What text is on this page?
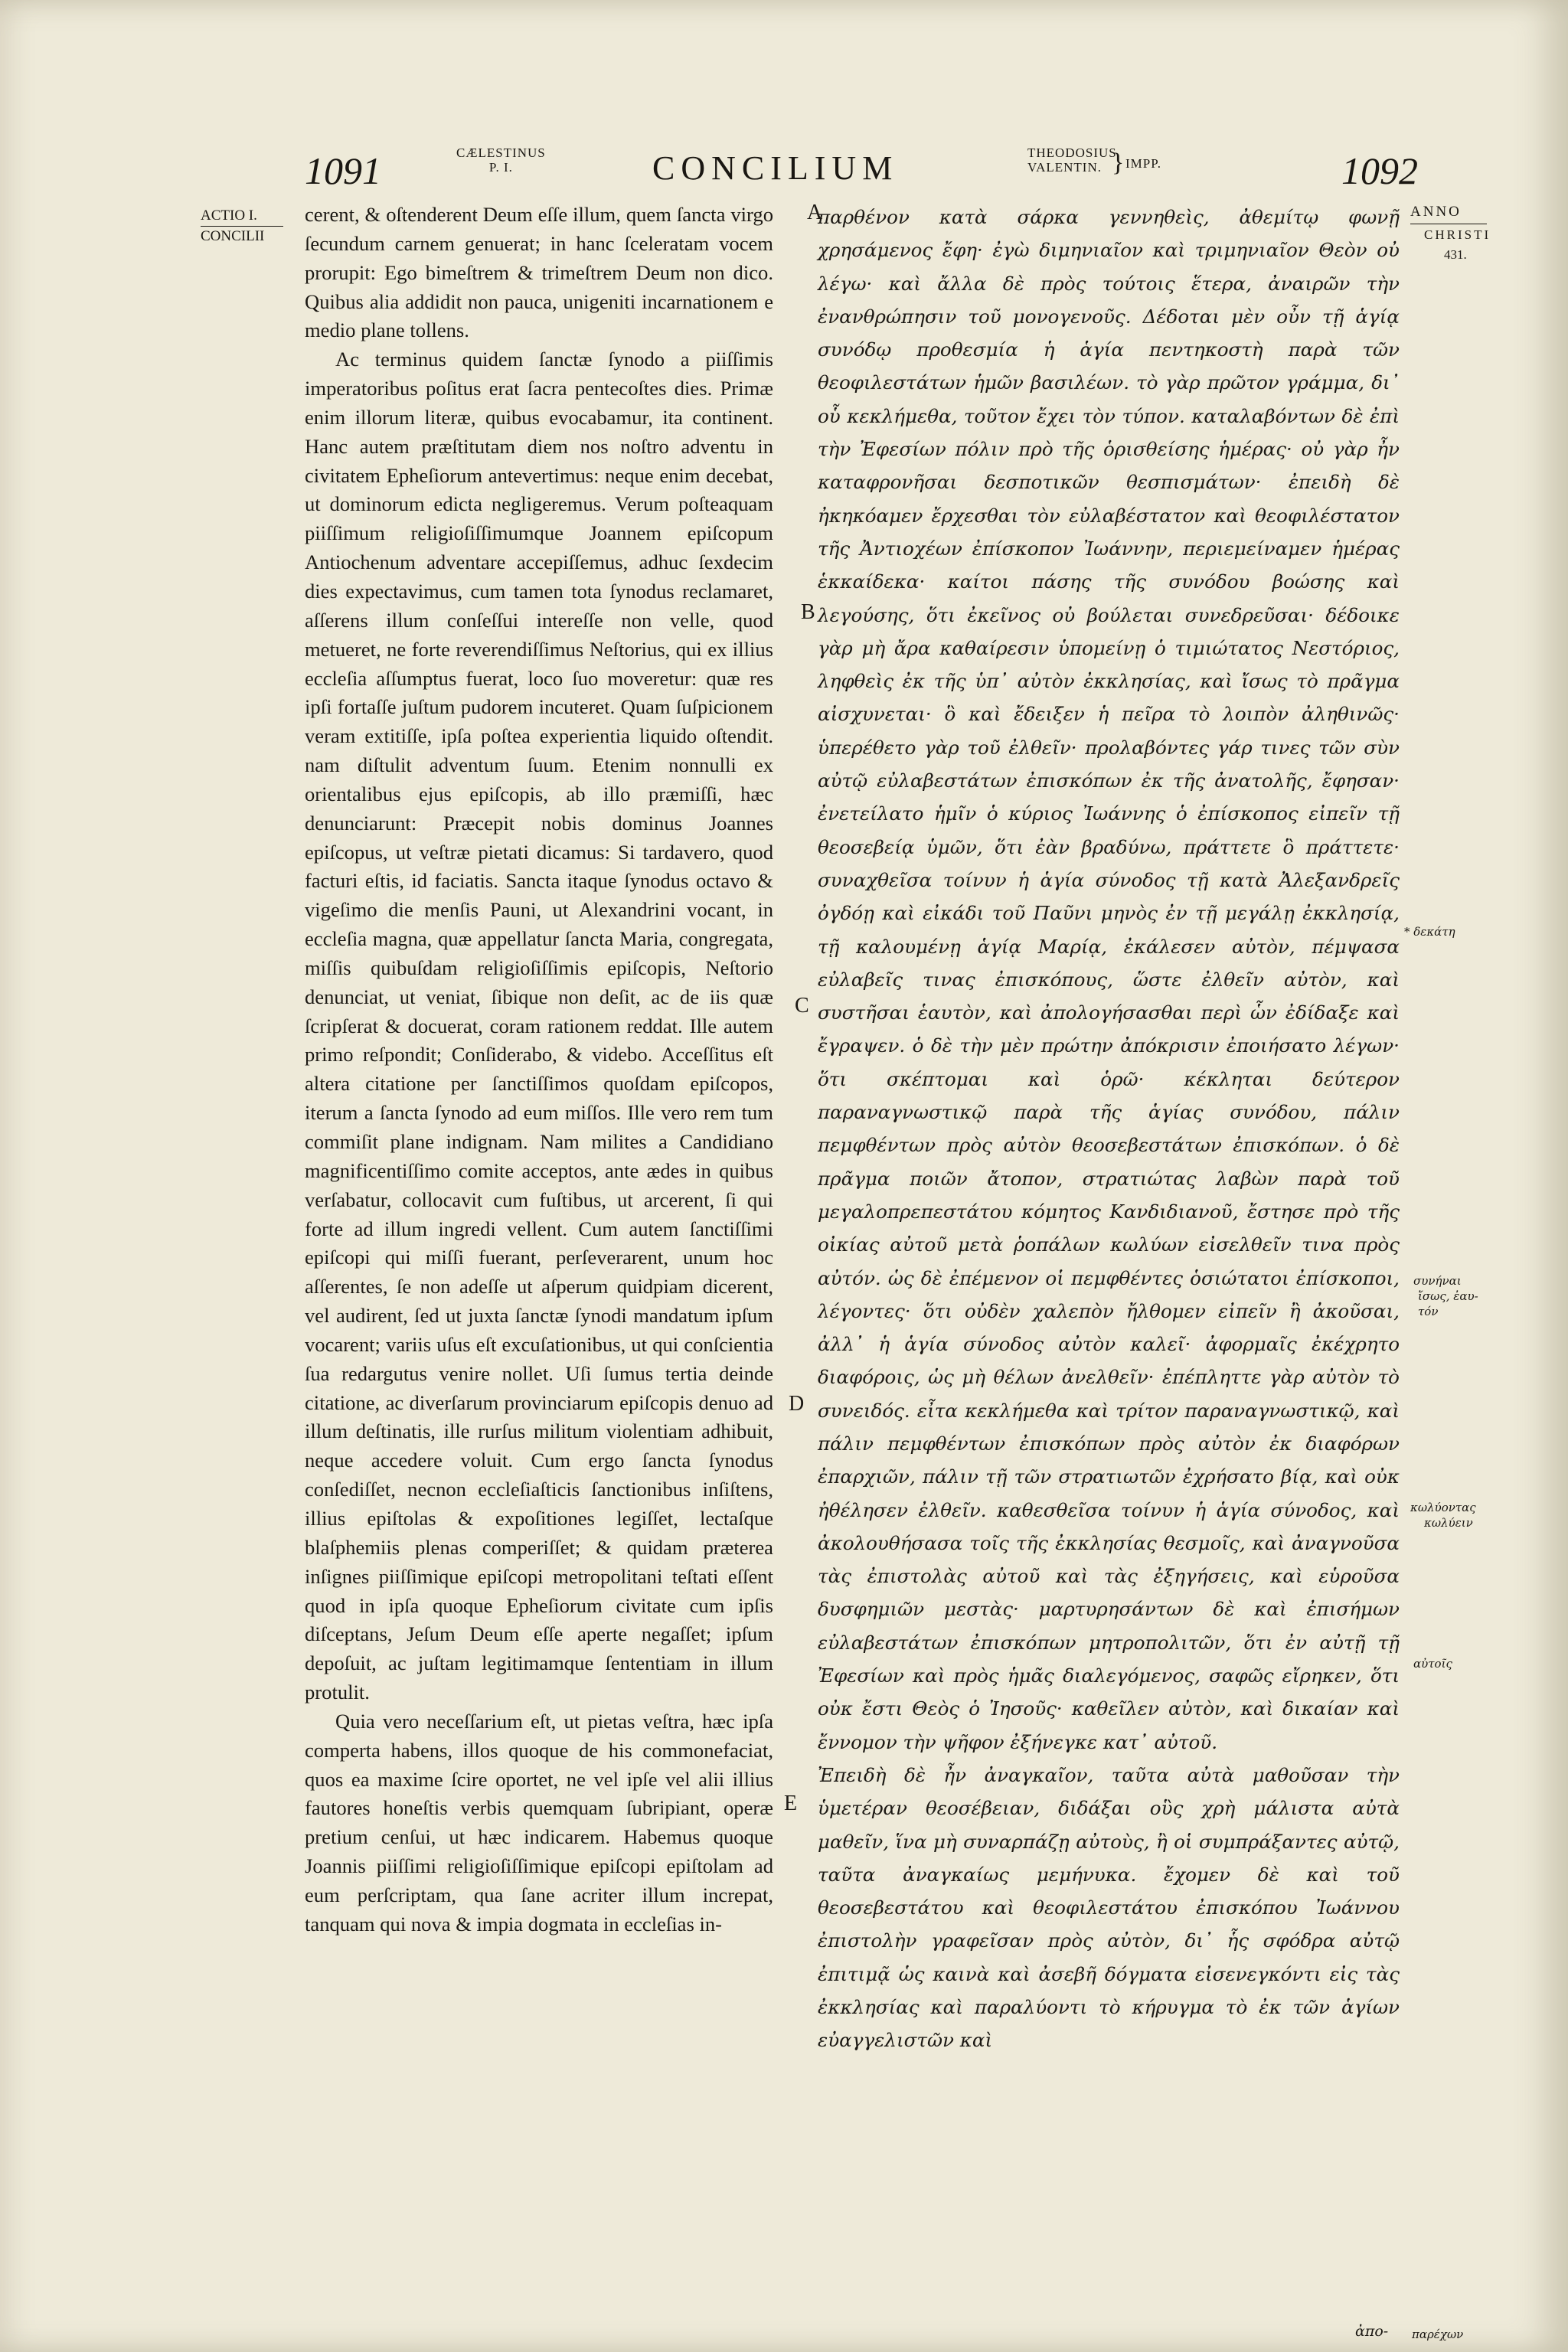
1091	CÆLESTINUS
P. I.	CONCILIUM	THEODOSIUS
VALENTIN. } IMPP.	1092
ACTIO I.
CONCILII

cerent, & oſtenderent Deum eſſe illum, quem ſancta virgo ſecundum carnem genuerat; in hanc ſceleratam vocem prorupit: Ego bimeſtrem & trimeſtrem Deum non dico. Quibus alia addidit non pauca, unigeniti incarnationem e medio plane tollens.

Ac terminus quidem ſanctæ ſynodo a piiſſimis imperatoribus poſitus erat ſacra pentecoſtes dies. Primæ enim illorum literæ, quibus evocabamur, ita continent. Hanc autem præſtitutam diem nos noſtro adventu in civitatem Epheſiorum antevertimus: neque enim decebat, ut dominorum edicta negligeremus. Verum poſteaquam piiſſimum religioſiſſimumque Joannem epiſcopum Antiochenum adventare accepiſſemus, adhuc ſexdecim dies expectavimus, cum tamen tota ſynodus reclamaret, aſſerens illum conſeſſui intereſſe non velle, quod metueret, ne forte reverendiſſimus Neſtorius, qui ex illius eccleſia aſſumptus fuerat, loco ſuo moveretur: quæ res ipſi fortaſſe juſtum pudorem incuteret. Quam ſuſpicionem veram extitiſſe, ipſa poſtea experientia liquido oſtendit. nam diſtulit adventum ſuum. Etenim nonnulli ex orientalibus ejus epiſcopis, ab illo præmiſſi, hæc denunciarunt: Præcepit nobis dominus Joannes epiſcopus, ut veſtræ pietati dicamus: Si tardavero, quod facturi eſtis, id faciatis. Sancta itaque ſynodus octavo & vigeſimo die menſis Pauni, ut Alexandrini vocant, in eccleſia magna, quæ appellatur ſancta Maria, congregata, miſſis quibuſdam religioſiſſimis epiſcopis, Neſtorio denunciat, ut veniat, ſibique non deſit, ac de iis quæ ſcripſerat & docuerat, coram rationem reddat. Ille autem primo reſpondit; Conſiderabo, & videbo. Acceſſitus eſt altera citatione per ſanctiſſimos quoſdam epiſcopos, iterum a ſancta ſynodo ad eum miſſos. Ille vero rem tum commiſit plane indignam. Nam milites a Candidiano magnificentiſſimo comite acceptos, ante ædes in quibus verſabatur, collocavit cum fuſtibus, ut arcerent, ſi qui forte ad illum ingredi vellent. Cum autem ſanctiſſimi epiſcopi qui miſſi fuerant, perſeverarent, unum hoc aſſerentes, ſe non adeſſe ut aſperum quidpiam dicerent, vel audirent, ſed ut juxta ſanctæ ſynodi mandatum ipſum vocarent; variis uſus eſt excuſationibus, ut qui conſcientia ſua redargutus venire nollet. Uſi ſumus tertia deinde citatione, ac diverſarum provinciarum epiſcopis denuo ad illum deſtinatis, ille rurſus militum violentiam adhibuit, neque accedere voluit. Cum ergo ſancta ſynodus conſediſſet, necnon eccleſiaſticis ſanctionibus inſiſtens, illius epiſtolas & expoſitiones legiſſet, lectaſque blaſphemiis plenas comperiſſet; & quidam præterea inſignes piiſſimique epiſcopi metropolitani teſtati eſſent quod in ipſa quoque Epheſiorum civitate cum ipſis diſceptans, Jeſum Deum eſſe aperte negaſſet; ipſum depoſuit, ac juſtam legitimamque ſententiam in illum protulit.

Quia vero neceſſarium eſt, ut pietas veſtra, hæc ipſa comperta habens, illos quoque de his commonefaciat, quos ea maxime ſcire oportet, ne vel ipſe vel alii illius fautores honeſtis verbis quemquam ſubripiant, operæ pretium cenſui, ut hæc indicarem. Habemus quoque Joannis piiſſimi religioſiſſimique epiſcopi epiſtolam ad eum perſcriptam, qua ſane acriter illum increpat, tanquam qui nova & impia dogmata in eccleſias in-

A
B
C
D
E

παρθένον κατὰ σάρκα γεννηθεὶς, ἀθεμίτῳ φωνῇ χρησάμενος ἔφη· ἐγὼ διμηνιαῖον καὶ τριμηνιαῖον Θεὸν οὐ λέγω· καὶ ἄλλα δὲ πρὸς τούτοις ἕτερα, ἀναιρῶν τὴν ἐνανθρώπησιν τοῦ μονογενοῦς. Δέδοται μὲν οὖν τῇ ἁγίᾳ συνόδῳ προθεσμία ἡ ἁγία πεντηκοστὴ παρὰ τῶν θεοφιλεστάτων ἡμῶν βασιλέων. τὸ γὰρ πρῶτον γράμμα, δι᾽ οὗ κεκλήμεθα, τοῦτον ἔχει τὸν τύπον. καταλαβόντων δὲ ἐπὶ τὴν Ἐφεσίων πόλιν πρὸ τῆς ὁρισθείσης ἡμέρας· οὐ γὰρ ἦν καταφρονῆσαι δεσποτικῶν θεσπισμάτων· ἐπειδὴ δὲ ἠκηκόαμεν ἔρχεσθαι τὸν εὐλαβέστατον καὶ θεοφιλέστατον τῆς Ἀντιοχέων ἐπίσκοπον Ἰωάννην, περιεμείναμεν ἡμέρας ἑκκαίδεκα· καίτοι πάσης τῆς συνόδου βοώσης καὶ λεγούσης, ὅτι ἐκεῖνος οὐ βούλεται συνεδρεῦσαι· δέδοικε γὰρ μὴ ἄρα καθαίρεσιν ὑπομείνῃ ὁ τιμιώτατος Νεστόριος, ληφθεὶς ἐκ τῆς ὑπ᾽ αὐτὸν ἐκκλησίας, καὶ ἴσως τὸ πρᾶγμα αἰσχυνεται· ὃ καὶ ἔδειξεν ἡ πεῖρα τὸ λοιπὸν ἀληθινῶς· ὑπερέθετο γὰρ τοῦ ἐλθεῖν· προλαβόντες γάρ τινες τῶν σὺν αὐτῷ εὐλαβεστάτων ἐπισκόπων ἐκ τῆς ἀνατολῆς, ἔφησαν· ἐνετείλατο ἡμῖν ὁ κύριος Ἰωάννης ὁ ἐπίσκοπος εἰπεῖν τῇ θεοσεβείᾳ ὑμῶν, ὅτι ἐὰν βραδύνω, πράττετε ὃ πράττετε· συναχθεῖσα τοίνυν ἡ ἁγία σύνοδος τῇ κατὰ Ἀλεξανδρεῖς ὀγδόῃ καὶ εἰκάδι τοῦ Παῦνι μηνὸς ἐν τῇ μεγάλῃ ἐκκλησίᾳ, τῇ καλουμένῃ ἁγίᾳ Μαρίᾳ, ἐκάλεσεν αὐτὸν, πέμψασα εὐλαβεῖς τινας ἐπισκόπους, ὥστε ἐλθεῖν αὐτὸν, καὶ συστῆσαι ἑαυτὸν, καὶ ἀπολογήσασθαι περὶ ὧν ἐδίδαξε καὶ ἔγραψεν. ὁ δὲ τὴν μὲν πρώτην ἀπόκρισιν ἐποιήσατο λέγων· ὅτι σκέπτομαι καὶ ὁρῶ· κέκληται δεύτερον παραναγνωστικῷ παρὰ τῆς ἁγίας συνόδου, πάλιν πεμφθέντων πρὸς αὐτὸν θεοσεβεστάτων ἐπισκόπων. ὁ δὲ πρᾶγμα ποιῶν ἄτοπον, στρατιώτας λαβὼν παρὰ τοῦ μεγαλοπρεπεστάτου κόμητος Κανδιδιανοῦ, ἔστησε πρὸ τῆς οἰκίας αὐτοῦ μετὰ ῥοπάλων κωλύων εἰσελθεῖν τινα πρὸς αὐτόν. ὡς δὲ ἐπέμενον οἱ πεμφθέντες ὁσιώτατοι ἐπίσκοποι, λέγοντες· ὅτι οὐδὲν χαλεπὸν ἤλθομεν εἰπεῖν ἢ ἀκοῦσαι, ἀλλ᾽ ἡ ἁγία σύνοδος αὐτὸν καλεῖ· ἀφορμαῖς ἐκέχρητο διαφόροις, ὡς μὴ θέλων ἀνελθεῖν· ἐπέπληττε γὰρ αὐτὸν τὸ συνειδός. εἶτα κεκλήμεθα καὶ τρίτον παραναγνωστικῷ, καὶ πάλιν πεμφθέντων ἐπισκόπων πρὸς αὐτὸν ἐκ διαφόρων ἐπαρχιῶν, πάλιν τῇ τῶν στρατιωτῶν ἐχρήσατο βίᾳ, καὶ οὐκ ἠθέλησεν ἐλθεῖν. καθεσθεῖσα τοίνυν ἡ ἁγία σύνοδος, καὶ ἀκολουθήσασα τοῖς τῆς ἐκκλησίας θεσμοῖς, καὶ ἀναγνοῦσα τὰς ἐπιστολὰς αὐτοῦ καὶ τὰς ἐξηγήσεις, καὶ εὑροῦσα δυσφημιῶν μεστὰς· μαρτυρησάντων δὲ καὶ ἐπισήμων εὐλαβεστάτων ἐπισκόπων μητροπολιτῶν, ὅτι ἐν αὐτῇ τῇ Ἐφεσίων καὶ πρὸς ἡμᾶς διαλεγόμενος, σαφῶς εἴρηκεν, ὅτι οὐκ ἔστι Θεὸς ὁ Ἰησοῦς· καθεῖλεν αὐτὸν, καὶ δικαίαν καὶ ἔννομον τὴν ψῆφον ἐξήνεγκε κατ᾽ αὐτοῦ.

Ἐπειδὴ δὲ ἦν ἀναγκαῖον, ταῦτα αὐτὰ μαθοῦσαν τὴν ὑμετέραν θεοσέβειαν, διδάξαι οὓς χρὴ μάλιστα αὐτὰ μαθεῖν, ἵνα μὴ συναρπάζῃ αὐτοὺς, ἢ οἱ συμπράξαντες αὐτῷ, ταῦτα ἀναγκαίως μεμήνυκα. ἔχομεν δὲ καὶ τοῦ θεοσεβεστάτου καὶ θεοφιλεστάτου ἐπισκόπου Ἰωάννου ἐπιστολὴν γραφεῖσαν πρὸς αὐτὸν, δι᾽ ἧς σφόδρα αὐτῷ ἐπιτιμᾷ ὡς καινὰ καὶ ἀσεβῆ δόγματα εἰσενεγκόντι εἰς τὰς ἐκκλησίας καὶ παραλύοντι τὸ κήρυγμα τὸ ἐκ τῶν ἁγίων εὐαγγελιστῶν καὶ

ANNO
CHRISTI
431.
* δεκάτη
συνήναι
ἴσως, ἐαυ-
τόν
κωλύοντας
κωλύειν
αὐτοῖς
παρέχων
ἀπο-
